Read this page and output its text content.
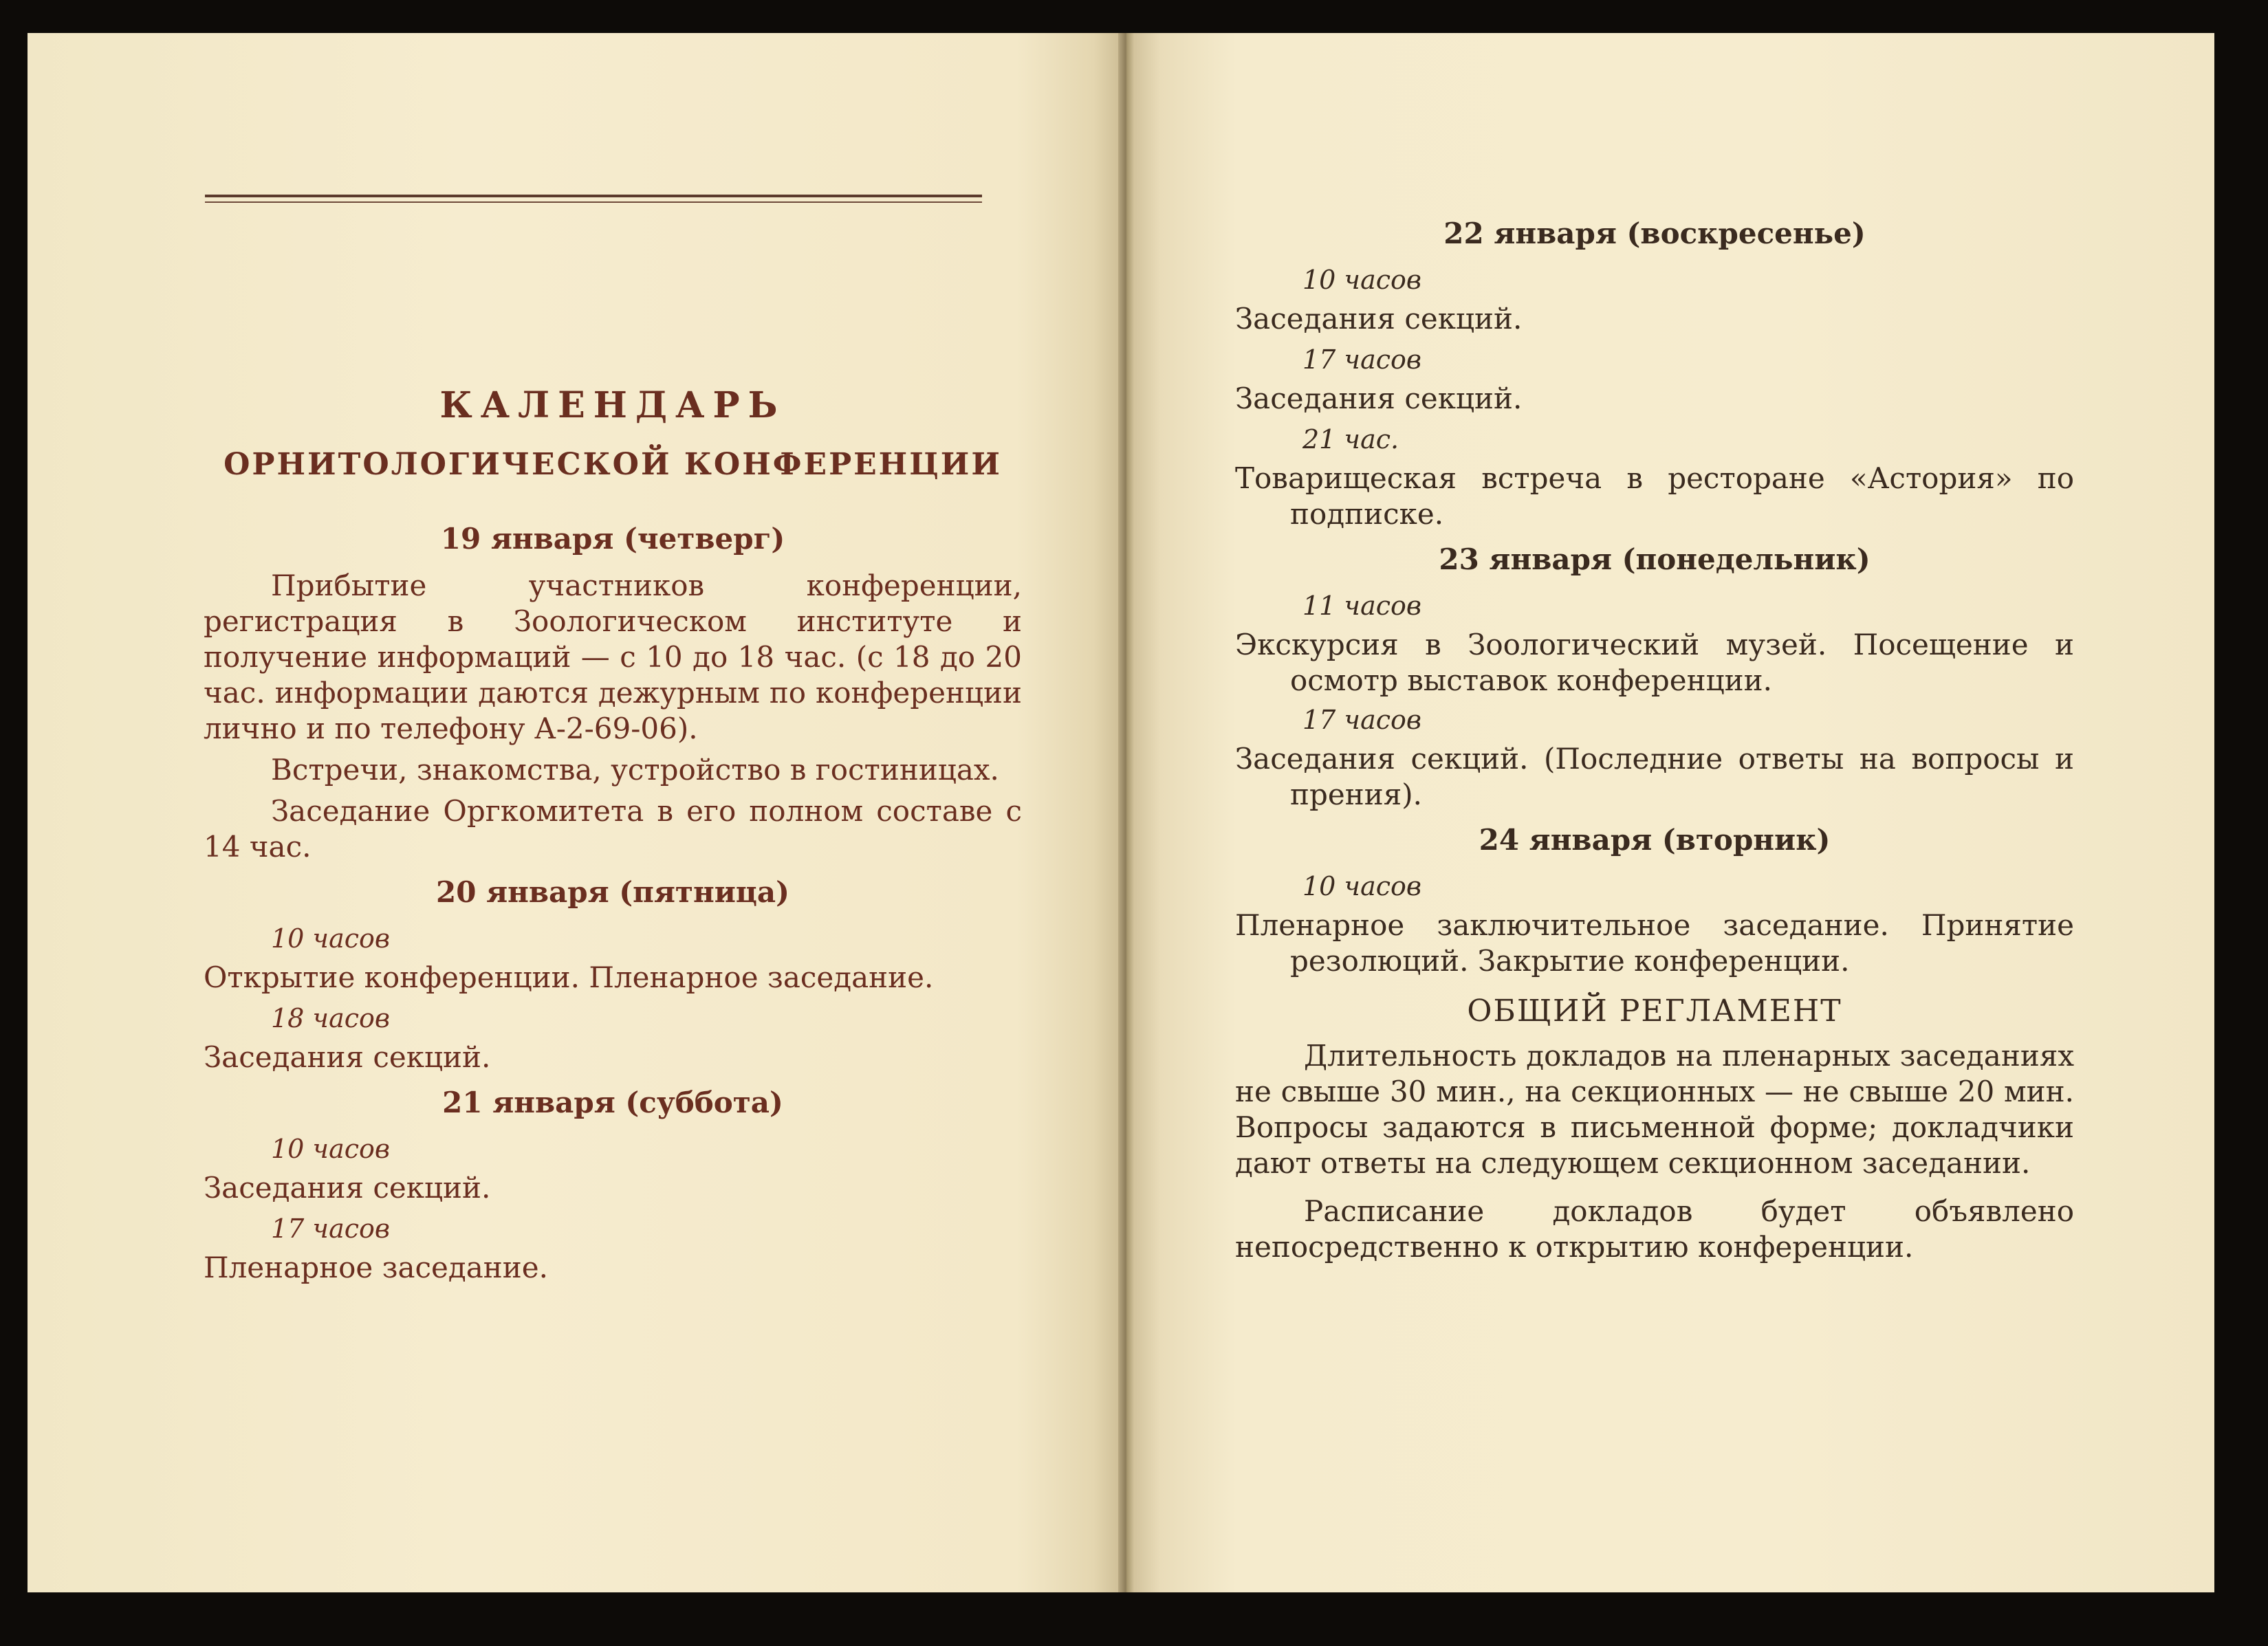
КАЛЕНДАРЬ
ОРНИТОЛОГИЧЕСКОЙ КОНФЕРЕНЦИИ
19 января (четверг)
Прибытие участников конференции, регистрация в Зоологическом институте и получение информаций — с 10 до 18 час. (с 18 до 20 час. информации даются дежурным по конференции лично и по телефону А-2-69-06).
Встречи, знакомства, устройство в гостиницах.
Заседание Оргкомитета в его полном составе с 14 час.
20 января (пятница)
10 часов
Открытие конференции. Пленарное заседание.
18 часов
Заседания секций.
21 января (суббота)
10 часов
Заседания секций.
17 часов
Пленарное заседание.
22 января (воскресенье)
10 часов
Заседания секций.
17 часов
Заседания секций.
21 час.
Товарищеская встреча в ресторане «Астория» по подписке.
23 января (понедельник)
11 часов
Экскурсия в Зоологический музей. Посещение и осмотр выставок конференции.
17 часов
Заседания секций. (Последние ответы на вопросы и прения).
24 января (вторник)
10 часов
Пленарное заключительное заседание. Принятие резолюций. Закрытие конференции.
ОБЩИЙ РЕГЛАМЕНТ
Длительность докладов на пленарных заседаниях не свыше 30 мин., на секционных — не свыше 20 мин. Вопросы задаются в письменной форме; докладчики дают ответы на следующем секционном заседании.
Расписание докладов будет объявлено непосредственно к открытию конференции.
